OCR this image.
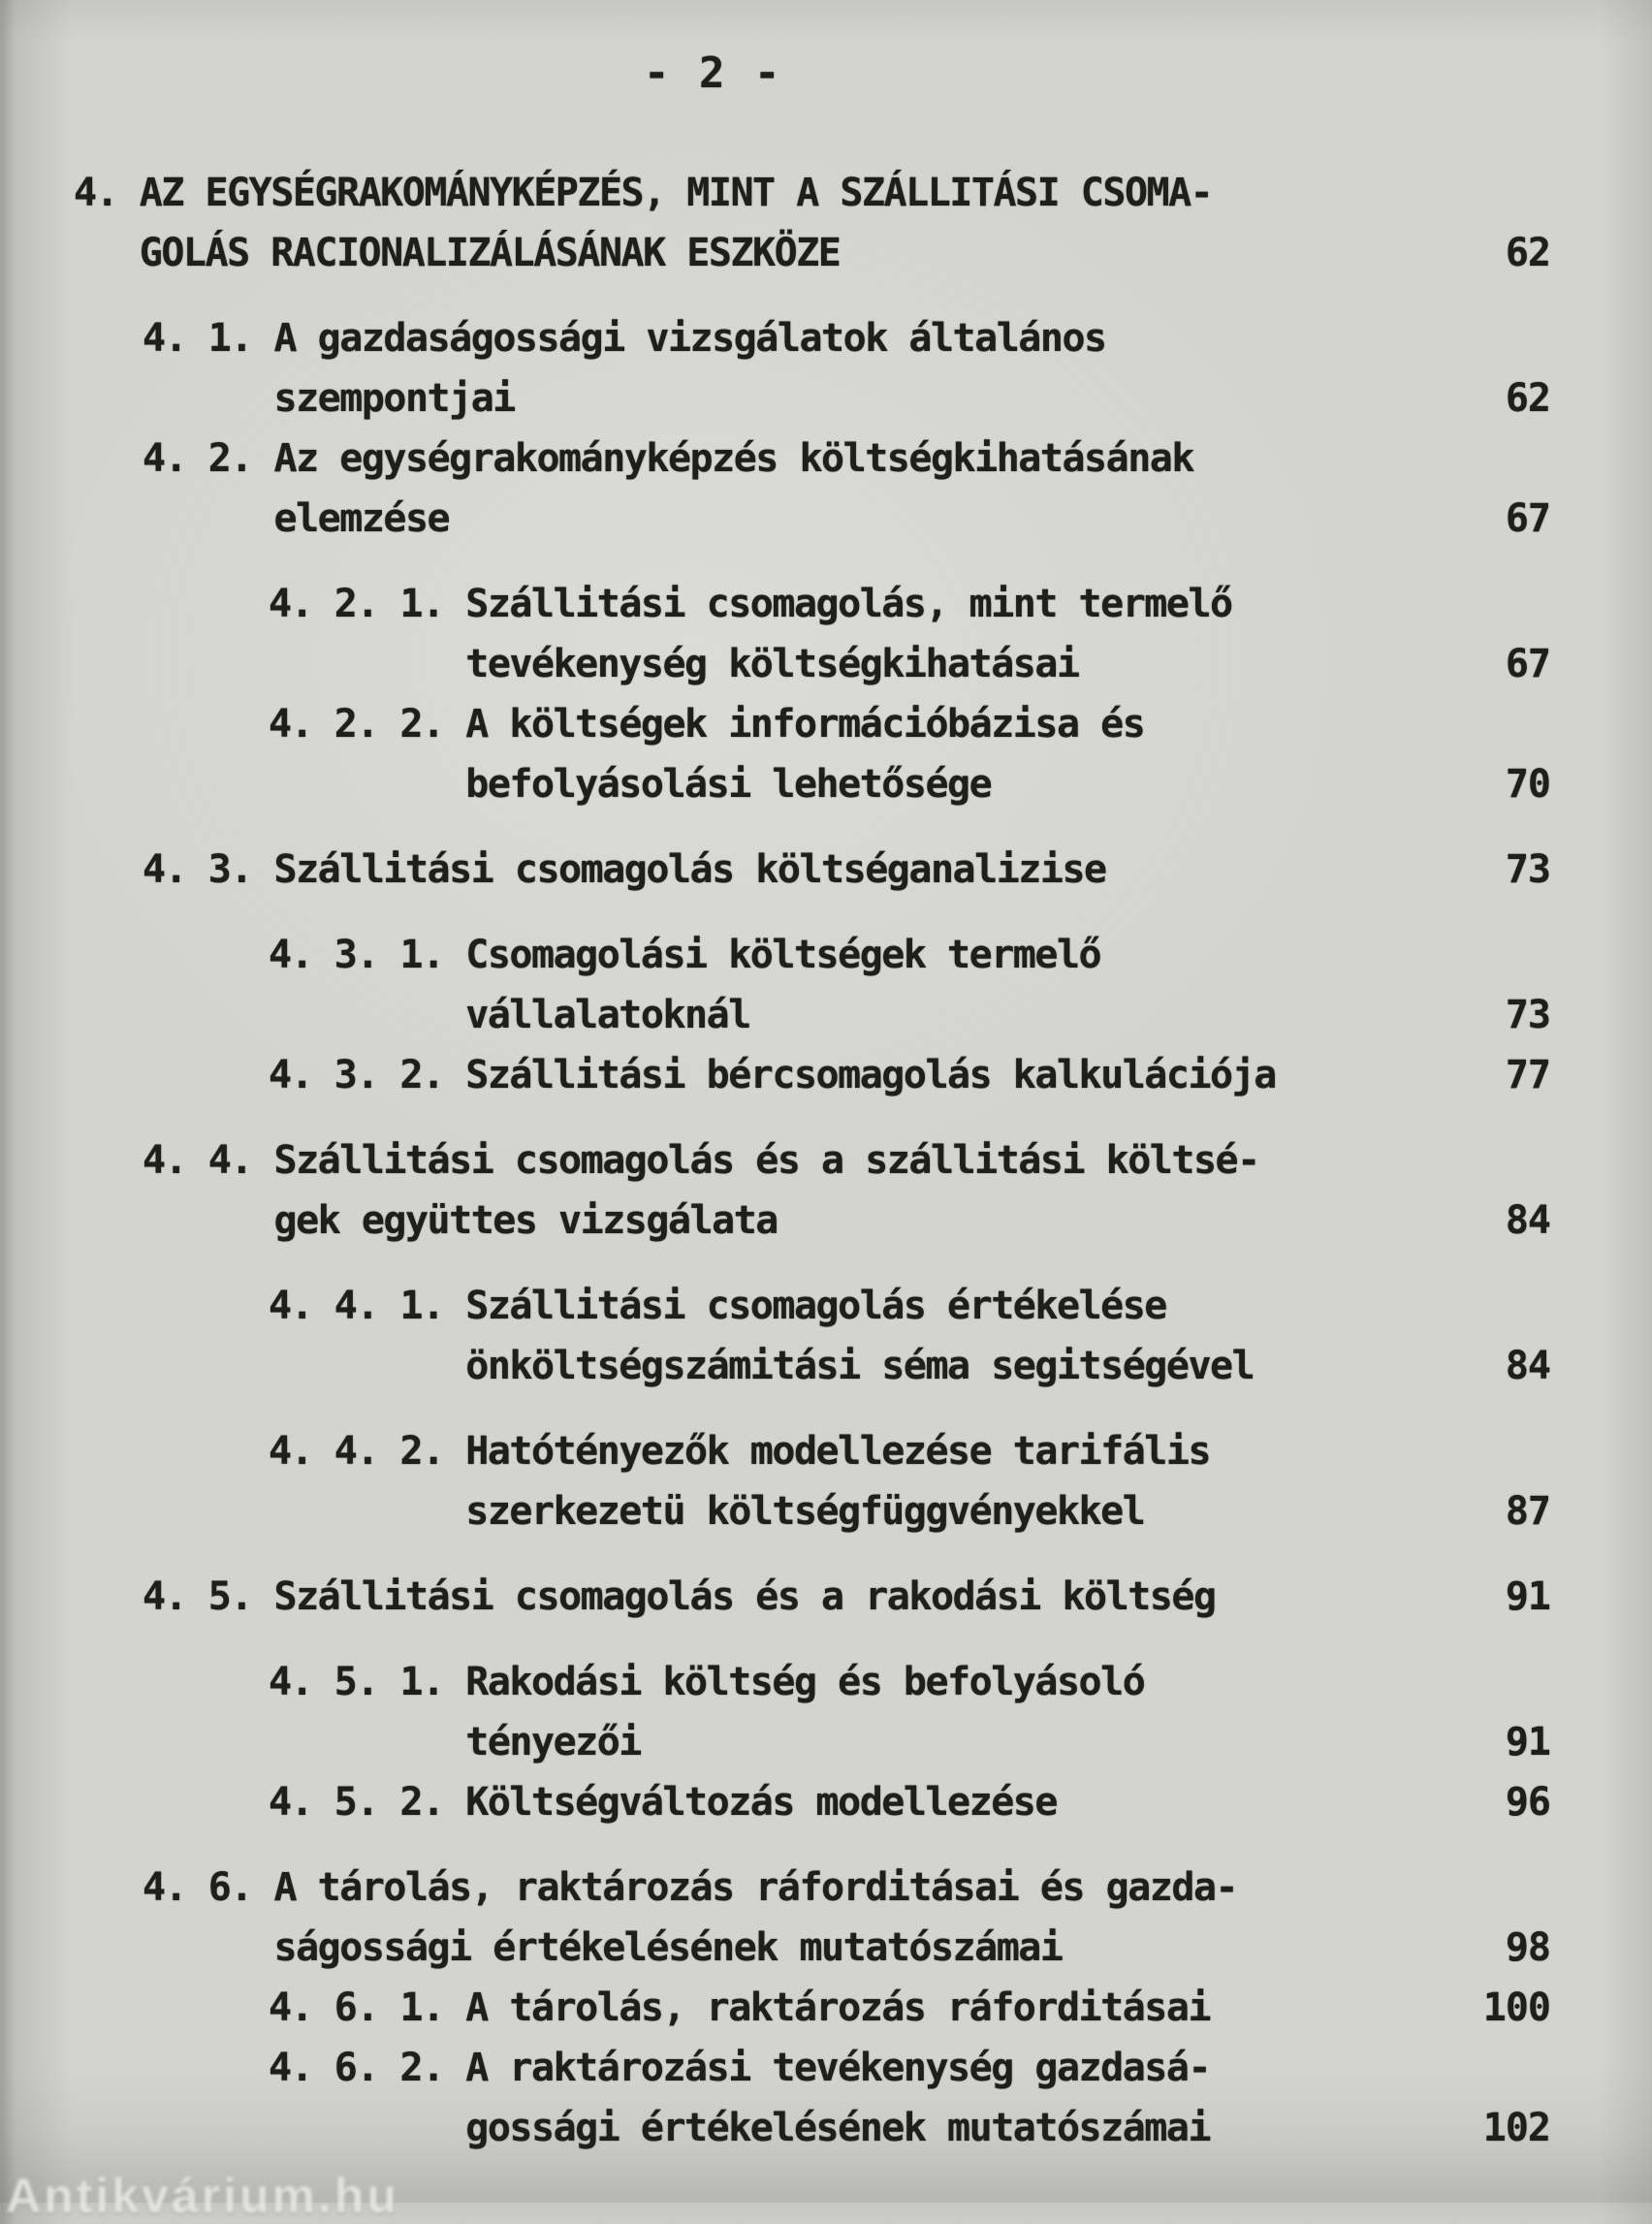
- 2 -
4. AZ EGYSÉGRAKOMÁNYKÉPZÉS, MINT A SZÁLLITÁSI CSOMA-
GOLÁS RACIONALIZÁLÁSÁNAK ESZKÖZE	62
4. 1. A gazdaságossági vizsgálatok általános
szempontjai	62
4. 2. Az egységrakományképzés költségkihatásának
elemzése	67
4. 2. 1. Szállitási csomagolás, mint termelő
tevékenység költségkihatásai	67
4. 2. 2. A költségek információbázisa és
befolyásolási lehetősége	70
4. 3. Szállitási csomagolás költséganalizise	73
4. 3. 1. Csomagolási költségek termelő
vállalatoknál	73
4. 3. 2. Szállitási bércsomagolás kalkulációja	77
4. 4. Szállitási csomagolás és a szállitási költsé-
gek együttes vizsgálata	84
4. 4. 1. Szállitási csomagolás értékelése
önköltségszámitási séma segitségével	84
4. 4. 2. Hatótényezők modellezése tarifális
szerkezetü költségfüggvényekkel	87
4. 5. Szállitási csomagolás és a rakodási költség	91
4. 5. 1. Rakodási költség és befolyásoló
tényezői	91
4. 5. 2. Költségváltozás modellezése	96
4. 6. A tárolás, raktározás ráforditásai és gazda-
ságossági értékelésének mutatószámai	98
4. 6. 1. A tárolás, raktározás ráforditásai	100
4. 6. 2. A raktározási tevékenység gazdasá-
gossági értékelésének mutatószámai	102
Antikvárium.hu
